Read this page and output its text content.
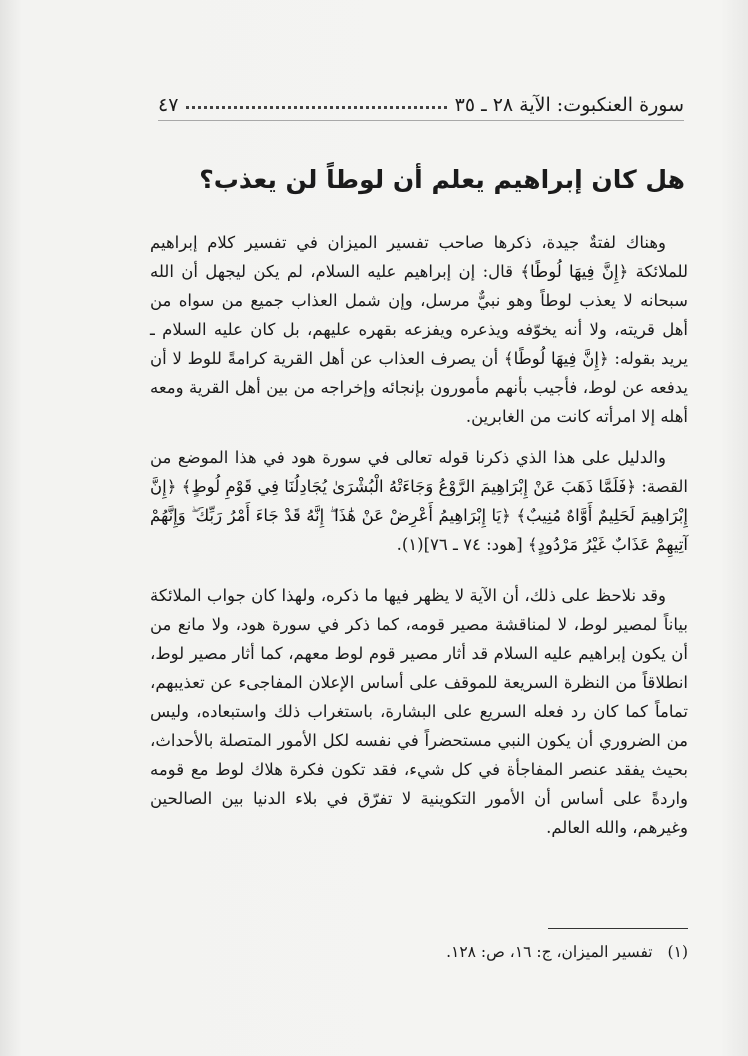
سورة العنكبوت: الآية ٢٨ ـ ٣٥
٤٧
هل كان إبراهيم يعلم أن لوطاً لن يعذب؟

وهناك لفتةٌ جيدة، ذكرها صاحب تفسير الميزان في تفسير كلام إبراهيم للملائكة ﴿إِنَّ فِيهَا لُوطًا﴾ قال: إن إبراهيم عليه السلام، لم يكن ليجهل أن الله سبحانه لا يعذب لوطاً وهو نبيٌّ مرسل، وإن شمل العذاب جميع من سواه من أهل قريته، ولا أنه يخوّفه ويذعره ويفزعه بقهره عليهم، بل كان عليه السلام ـ يريد بقوله: ﴿إِنَّ فِيهَا لُوطًا﴾ أن يصرف العذاب عن أهل القرية كرامةً للوط لا أن يدفعه عن لوط، فأجيب بأنهم مأمورون بإنجائه وإخراجه من بين أهل القرية ومعه أهله إلا امرأته كانت من الغابرين.

والدليل على هذا الذي ذكرنا قوله تعالى في سورة هود في هذا الموضع من القصة: ﴿فَلَمَّا ذَهَبَ عَنْ إِبْرَاهِيمَ الرَّوْعُ وَجَاءَتْهُ الْبُشْرَىٰ يُجَادِلُنَا فِي قَوْمِ لُوطٍ﴾ ﴿إِنَّ إِبْرَاهِيمَ لَحَلِيمٌ أَوَّاهٌ مُنِيبٌ﴾ ﴿يَا إِبْرَاهِيمُ أَعْرِضْ عَنْ هَٰذَا ۖ إِنَّهُ قَدْ جَاءَ أَمْرُ رَبِّكَ ۖ وَإِنَّهُمْ آتِيهِمْ عَذَابٌ غَيْرُ مَرْدُودٍ﴾ [هود: ٧٤ ـ ٧٦](١).

وقد نلاحظ على ذلك، أن الآية لا يظهر فيها ما ذكره، ولهذا كان جواب الملائكة بياناً لمصير لوط، لا لمناقشة مصير قومه، كما ذكر في سورة هود، ولا مانع من أن يكون إبراهيم عليه السلام قد أثار مصير قوم لوط معهم، كما أثار مصير لوط، انطلاقاً من النظرة السريعة للموقف على أساس الإعلان المفاجىء عن تعذيبهم، تماماً كما كان رد فعله السريع على البشارة، باستغراب ذلك واستبعاده، وليس من الضروري أن يكون النبي مستحضراً في نفسه لكل الأمور المتصلة بالأحداث، بحيث يفقد عنصر المفاجأة في كل شيء، فقد تكون فكرة هلاك لوط مع قومه واردةً على أساس أن الأمور التكوينية لا تفرّق في بلاء الدنيا بين الصالحين وغيرهم، والله العالم.

(١) تفسير الميزان، ج: ١٦، ص: ١٢٨.
